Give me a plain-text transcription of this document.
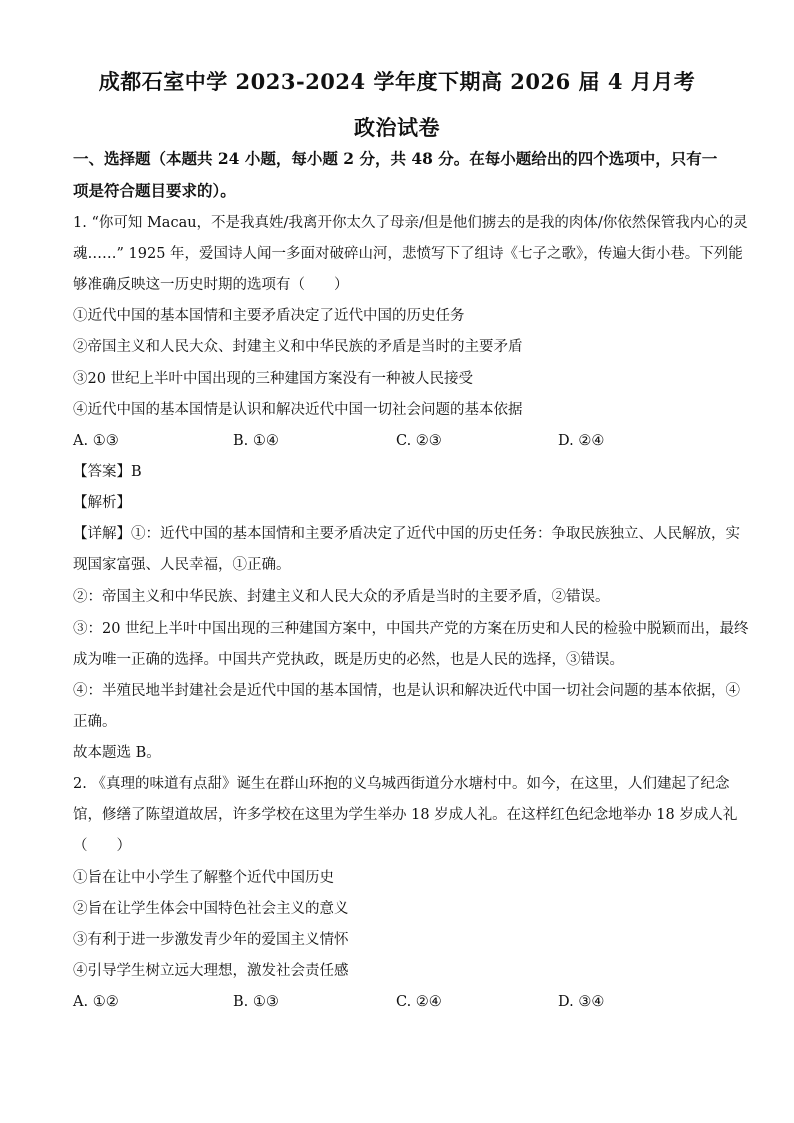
成都石室中学 2023-2024 学年度下期高 2026 届 4 月月考
政治试卷
一、选择题（本题共 24 小题，每小题 2 分，共 48 分。在每小题给出的四个选项中，只有一
项是符合题目要求的）。
1. “你可知 Macau，不是我真姓/我离开你太久了母亲/但是他们掳去的是我的肉体/你依然保管我内心的灵
魂……” 1925 年，爱国诗人闻一多面对破碎山河，悲愤写下了组诗《七子之歌》，传遍大街小巷。下列能
够准确反映这一历史时期的选项有（　　）
①近代中国的基本国情和主要矛盾决定了近代中国的历史任务
②帝国主义和人民大众、封建主义和中华民族的矛盾是当时的主要矛盾
③20 世纪上半叶中国出现的三种建国方案没有一种被人民接受
④近代中国的基本国情是认识和解决近代中国一切社会问题的基本依据
A. ①③	B. ①④	C. ②③	D. ②④
【答案】B
【解析】
【详解】①：近代中国的基本国情和主要矛盾决定了近代中国的历史任务：争取民族独立、人民解放，实
现国家富强、人民幸福，①正确。
②：帝国主义和中华民族、封建主义和人民大众的矛盾是当时的主要矛盾，②错误。
③：20 世纪上半叶中国出现的三种建国方案中，中国共产党的方案在历史和人民的检验中脱颖而出，最终
成为唯一正确的选择。中国共产党执政，既是历史的必然，也是人民的选择，③错误。
④：半殖民地半封建社会是近代中国的基本国情，也是认识和解决近代中国一切社会问题的基本依据，④
正确。
故本题选 B。
2. 《真理的味道有点甜》诞生在群山环抱的义乌城西街道分水塘村中。如今，在这里，人们建起了纪念
馆，修缮了陈望道故居，许多学校在这里为学生举办 18 岁成人礼。在这样红色纪念地举办 18 岁成人礼
（　　）
①旨在让中小学生了解整个近代中国历史
②旨在让学生体会中国特色社会主义的意义
③有利于进一步激发青少年的爱国主义情怀
④引导学生树立远大理想，激发社会责任感
A. ①②	B. ①③	C. ②④	D. ③④
